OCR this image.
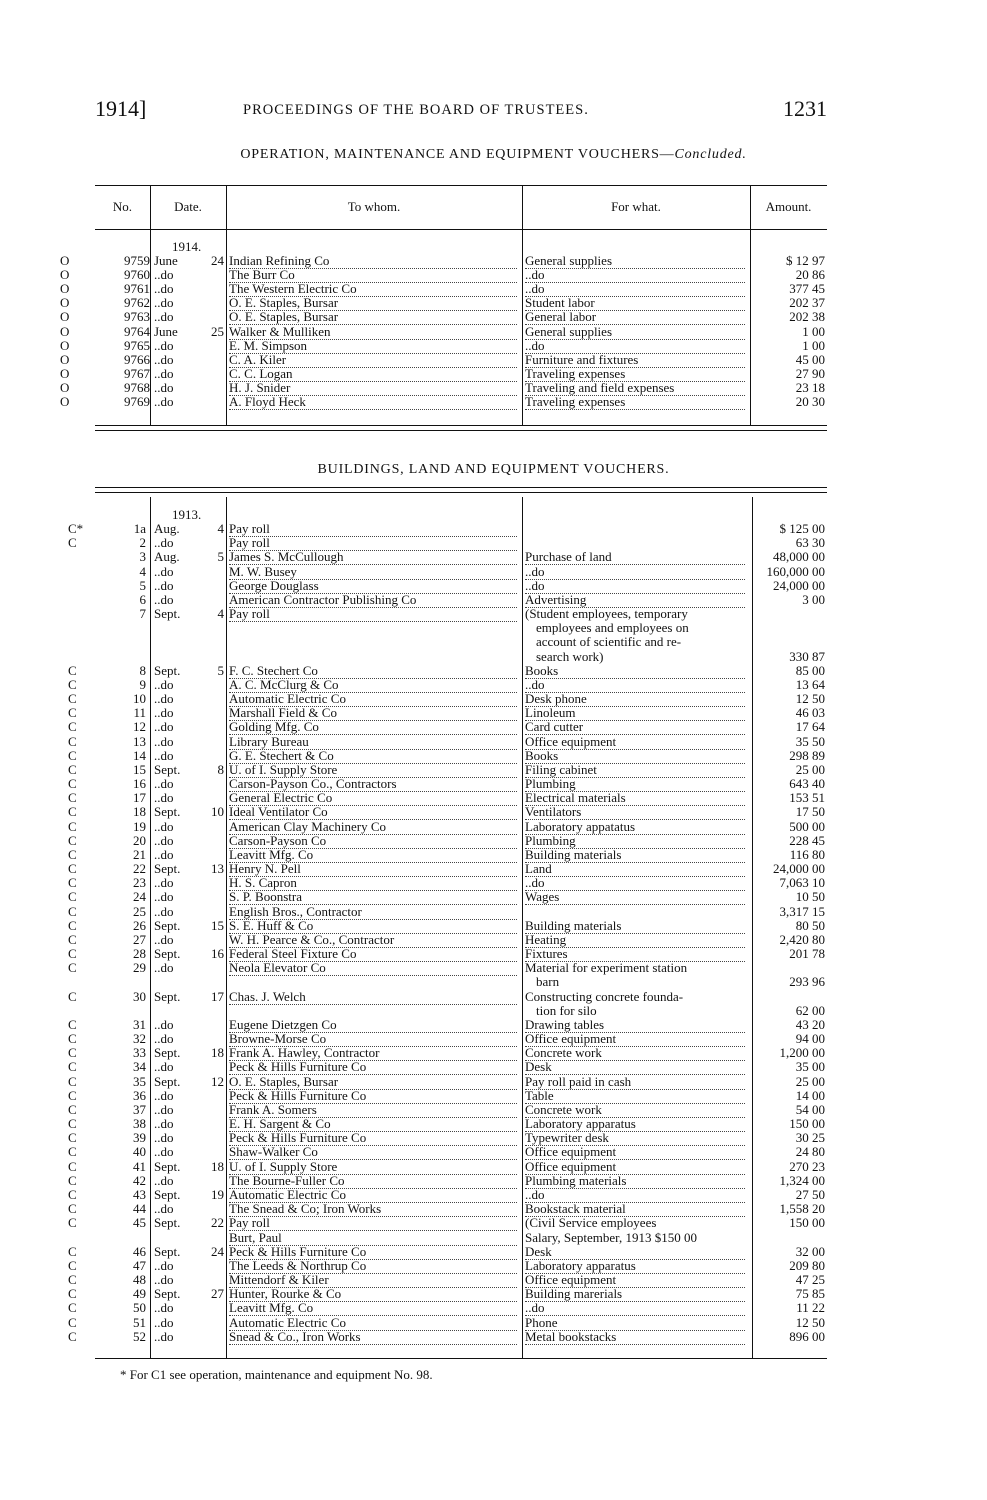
1914]	PROCEEDINGS OF THE BOARD OF TRUSTEES.	1231
OPERATION, MAINTENANCE AND EQUIPMENT VOUCHERS—Concluded.
No.	Date.	To whom.	For what.	Amount.
1914.
O	9759 June	24 Indian Refining Co	General supplies	$ 12 97
O	9760 ..do	The Burr Co	..do	20 86
O	9761 ..do	The Western Electric Co	..do	377 45
O	9762 ..do	O. E. Staples, Bursar	Student labor	202 37
O	9763 ..do	O. E. Staples, Bursar	General labor	202 38
O	9764 June	25 Walker & Mulliken	General supplies	1 00
O	9765 ..do	E. M. Simpson	..do	1 00
O	9766 ..do	C. A. Kiler	Furniture and fixtures	45 00
O	9767 ..do	C. C. Logan	Traveling expenses	27 90
O	9768 ..do	H. J. Snider	Traveling and field expenses	23 18
O	9769 ..do	A. Floyd Heck	Traveling expenses	20 30
BUILDINGS, LAND AND EQUIPMENT VOUCHERS.
1913.
C*	1a Aug.	4 Pay roll	$ 125 00
C	2 ..do	Pay roll	63 30
3 Aug.	5 James S. McCullough	Purchase of land	48,000 00
4 ..do	M. W. Busey	..do	160,000 00
5 ..do	George Douglass	..do	24,000 00
6 ..do	American Contractor Publishing Co	Advertising	3 00
7 Sept.	4 Pay roll	(Student employees, temporary
employees and employees on
account of scientific and re-
search work)	330 87
C	8 Sept.	5 F. C. Stechert Co	Books	85 00
C	9 ..do	A. C. McClurg & Co	..do	13 64
C	10 ..do	Automatic Electric Co	Desk phone	12 50
C	11 ..do	Marshall Field & Co	Linoleum	46 03
C	12 ..do	Golding Mfg. Co	Card cutter	17 64
C	13 ..do	Library Bureau	Office equipment	35 50
C	14 ..do	G. E. Stechert & Co	Books	298 89
C	15 Sept.	8 U. of I. Supply Store	Filing cabinet	25 00
C	16 ..do	Carson-Payson Co., Contractors	Plumbing	643 40
C	17 ..do	General Electric Co	Electrical materials	153 51
C	18 Sept.	10 Ideal Ventilator Co	Ventilators	17 50
C	19 ..do	American Clay Machinery Co	Laboratory appatatus	500 00
C	20 ..do	Carson-Payson Co	Plumbing	228 45
C	21 ..do	Leavitt Mfg. Co	Building materials	116 80
C	22 Sept.	13 Henry N. Pell	Land	24,000 00
C	23 ..do	H. S. Capron	..do	7,063 10
C	24 ..do	S. P. Boonstra	Wages	10 50
C	25 ..do	English Bros., Contractor	3,317 15
C	26 Sept.	15 S. E. Huff & Co	Building materials	80 50
C	27 ..do	W. H. Pearce & Co., Contractor	Heating	2,420 80
C	28 Sept.	16 Federal Steel Fixture Co	Fixtures	201 78
C	29 ..do	Neola Elevator Co	Material for experiment station
barn	293 96
C	30 Sept.	17 Chas. J. Welch	Constructing concrete founda-
tion for silo	62 00
C	31 ..do	Eugene Dietzgen Co	Drawing tables	43 20
C	32 ..do	Browne-Morse Co	Office equipment	94 00
C	33 Sept.	18 Frank A. Hawley, Contractor	Concrete work	1,200 00
C	34 ..do	Peck & Hills Furniture Co	Desk	35 00
C	35 Sept.	12 O. E. Staples, Bursar	Pay roll paid in cash	25 00
C	36 ..do	Peck & Hills Furniture Co	Table	14 00
C	37 ..do	Frank A. Somers	Concrete work	54 00
C	38 ..do	E. H. Sargent & Co	Laboratory apparatus	150 00
C	39 ..do	Peck & Hills Furniture Co	Typewriter desk	30 25
C	40 ..do	Shaw-Walker Co	Office equipment	24 80
C	41 Sept.	18 U. of I. Supply Store	Office equipment	270 23
C	42 ..do	The Bourne-Fuller Co	Plumbing materials	1,324 00
C	43 Sept.	19 Automatic Electric Co	..do	27 50
C	44 ..do	The Snead & Co; Iron Works	Bookstack material	1,558 20
C	45 Sept.	22 Pay roll	(Civil Service employees	150 00
Burt, Paul	Salary, September, 1913 $150 00
C	46 Sept.	24 Peck & Hills Furniture Co	Desk	32 00
C	47 ..do	The Leeds & Northrup Co	Laboratory apparatus	209 80
C	48 ..do	Mittendorf & Kiler	Office equipment	47 25
C	49 Sept.	27 Hunter, Rourke & Co	Building marerials	75 85
C	50 ..do	Leavitt Mfg. Co	..do	11 22
C	51 ..do	Automatic Electric Co	Phone	12 50
C	52 ..do	Snead & Co., Iron Works	Metal bookstacks	896 00
* For C1 see operation, maintenance and equipment No. 98.
